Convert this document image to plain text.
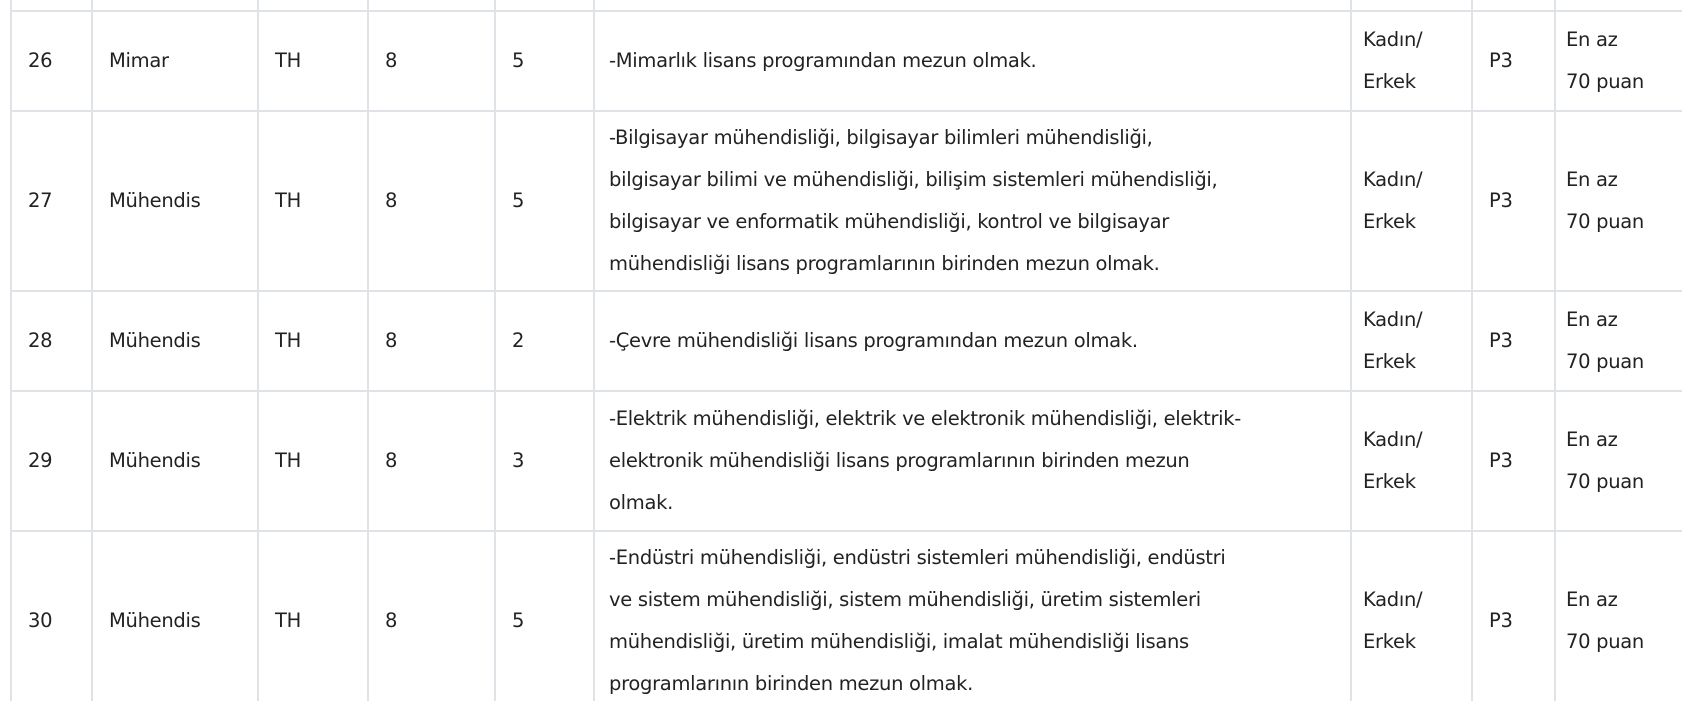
26	Mimar	TH	8	5	-Mimarlık lisans programından mezun olmak.	Kadın/
Erkek	P3	En az
70 puan

27	Mühendis	TH	8	5	-Bilgisayar mühendisliği, bilgisayar bilimleri mühendisliği,
bilgisayar bilimi ve mühendisliği, bilişim sistemleri mühendisliği,
bilgisayar ve enformatik mühendisliği, kontrol ve bilgisayar
mühendisliği lisans programlarının birinden mezun olmak.	Kadın/
Erkek	P3	En az
70 puan

28	Mühendis	TH	8	2	-Çevre mühendisliği lisans programından mezun olmak.	Kadın/
Erkek	P3	En az
70 puan

29	Mühendis	TH	8	3	-Elektrik mühendisliği, elektrik ve elektronik mühendisliği, elektrik-
elektronik mühendisliği lisans programlarının birinden mezun
olmak.	Kadın/
Erkek	P3	En az
70 puan

30	Mühendis	TH	8	5	-Endüstri mühendisliği, endüstri sistemleri mühendisliği, endüstri
ve sistem mühendisliği, sistem mühendisliği, üretim sistemleri
mühendisliği, üretim mühendisliği, imalat mühendisliği lisans
programlarının birinden mezun olmak.	Kadın/
Erkek	P3	En az
70 puan
